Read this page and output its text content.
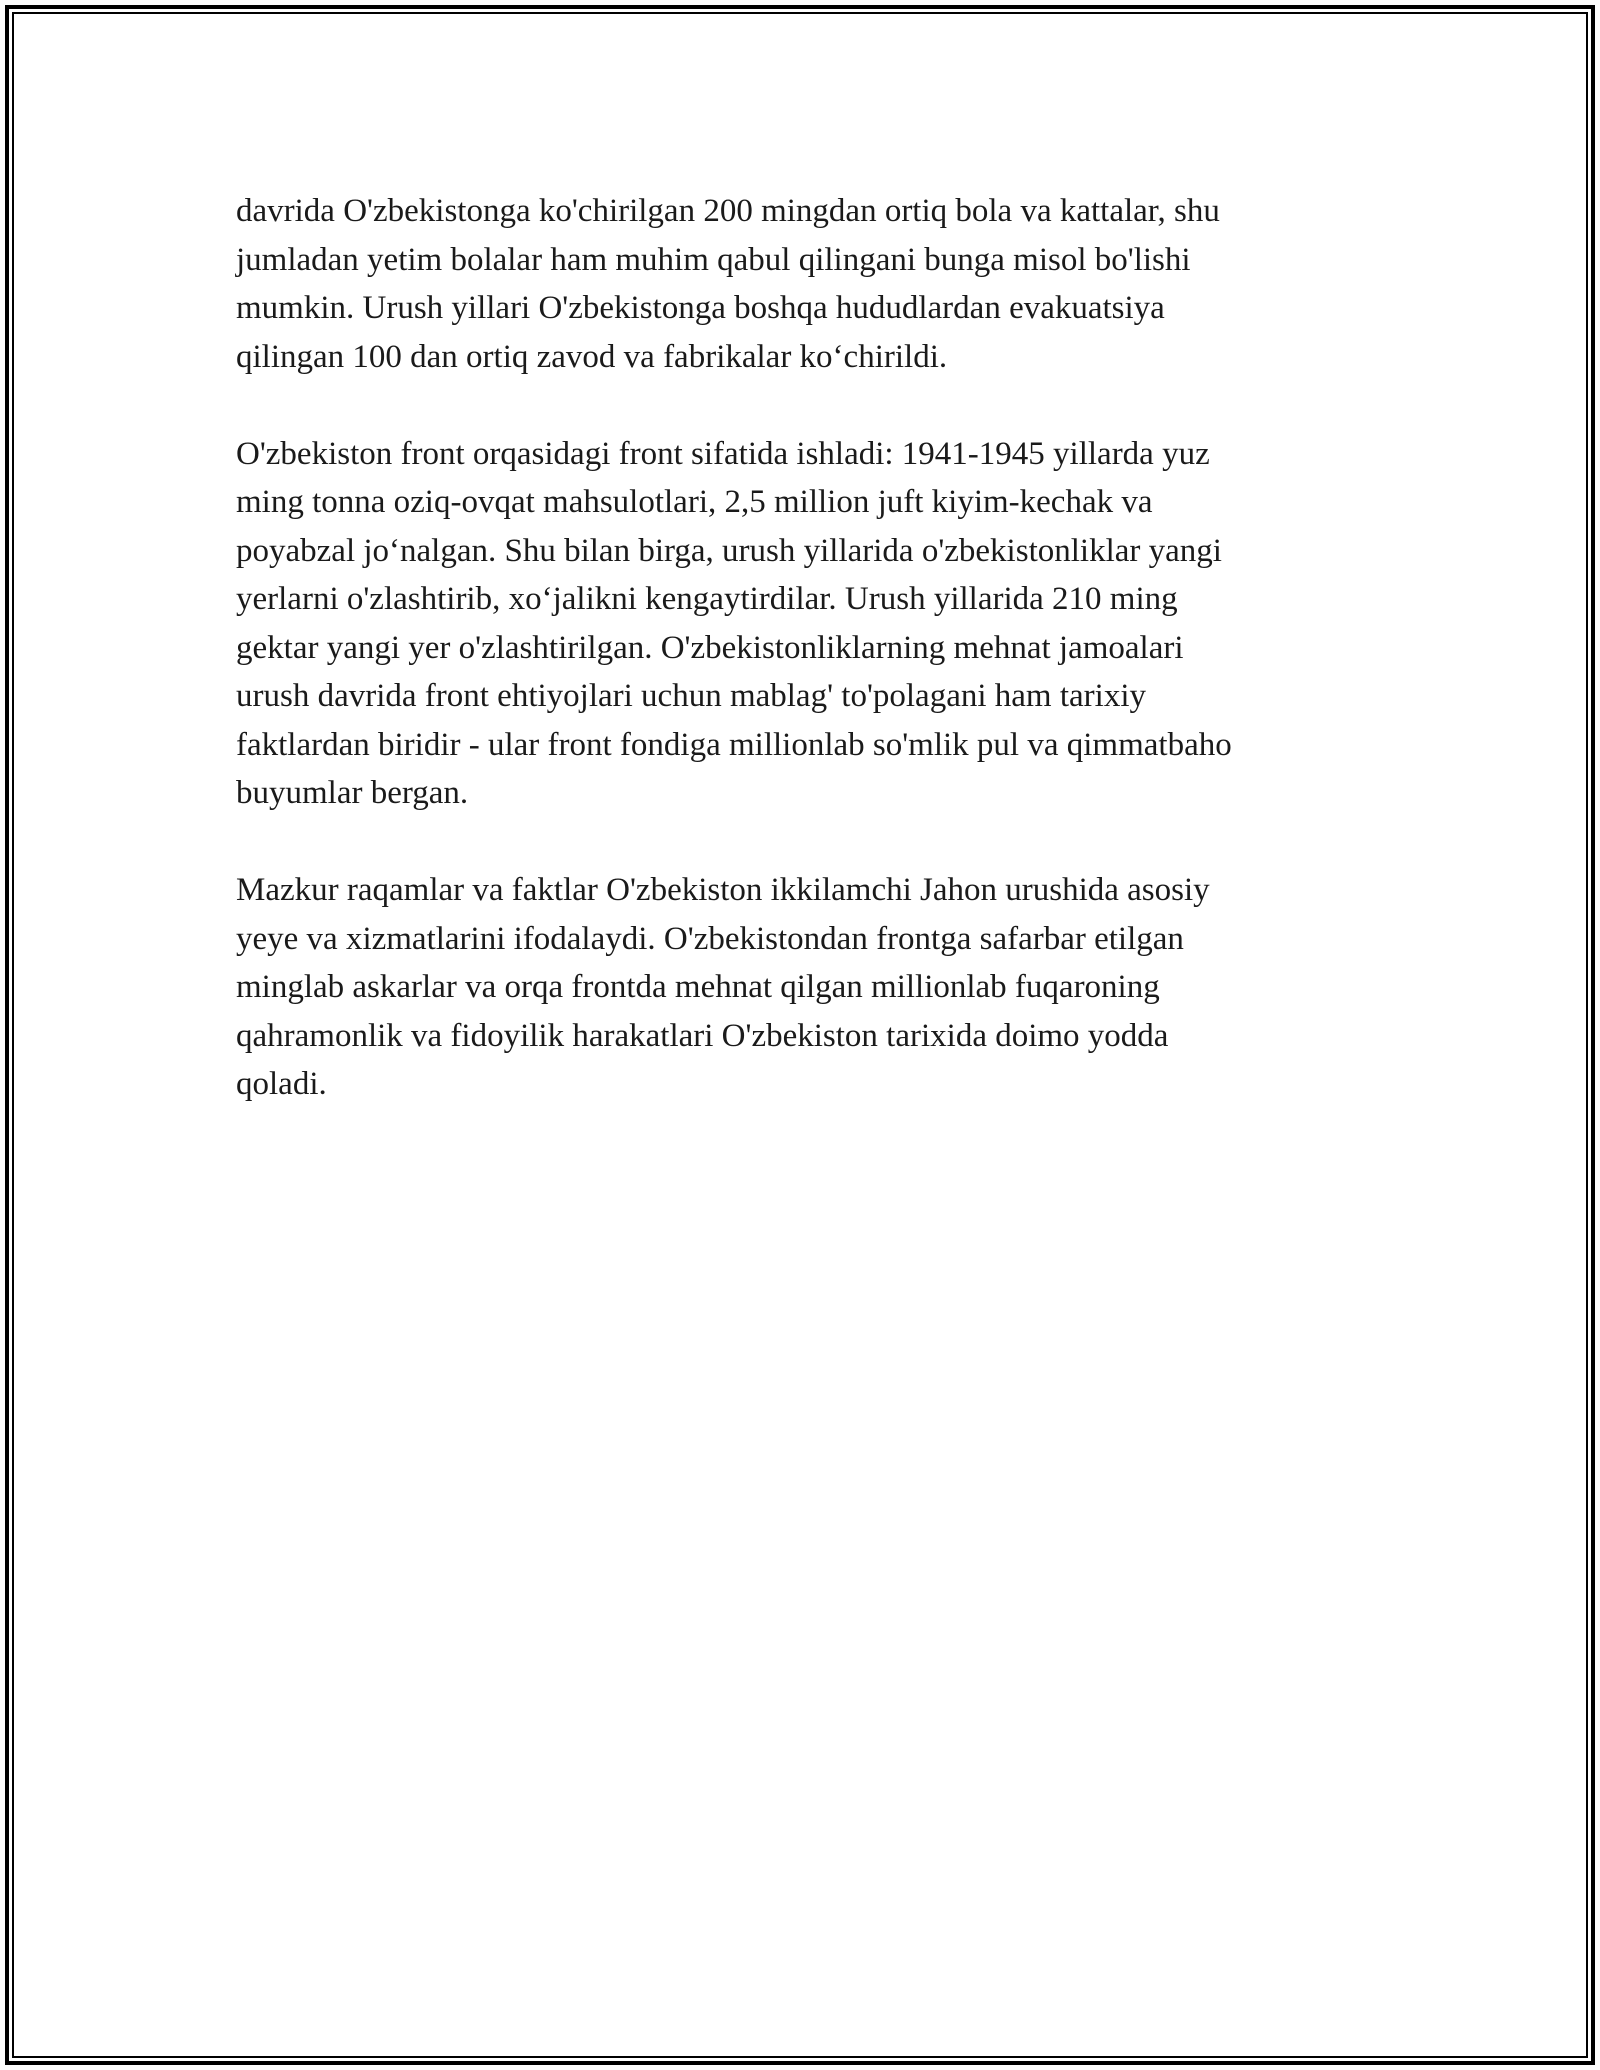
davrida O'zbekistonga ko'chirilgan 200 mingdan ortiq bola va kattalar, shu
jumladan yetim bolalar ham muhim qabul qilingani bunga misol bo'lishi
mumkin. Urush yillari O'zbekistonga boshqa hududlardan evakuatsiya
qilingan 100 dan ortiq zavod va fabrikalar ko‘chirildi.

O'zbekiston front orqasidagi front sifatida ishladi: 1941-1945 yillarda yuz
ming tonna oziq-ovqat mahsulotlari, 2,5 million juft kiyim-kechak va
poyabzal jo‘nalgan. Shu bilan birga, urush yillarida o'zbekistonliklar yangi
yerlarni o'zlashtirib, xo‘jalikni kengaytirdilar. Urush yillarida 210 ming
gektar yangi yer o'zlashtirilgan. O'zbekistonliklarning mehnat jamoalari
urush davrida front ehtiyojlari uchun mablag' to'polagani ham tarixiy
faktlardan biridir - ular front fondiga millionlab so'mlik pul va qimmatbaho
buyumlar bergan.

Mazkur raqamlar va faktlar O'zbekiston ikkilamchi Jahon urushida asosiy
yeye va xizmatlarini ifodalaydi. O'zbekistondan frontga safarbar etilgan
minglab askarlar va orqa frontda mehnat qilgan millionlab fuqaroning
qahramonlik va fidoyilik harakatlari O'zbekiston tarixida doimo yodda
qoladi.
